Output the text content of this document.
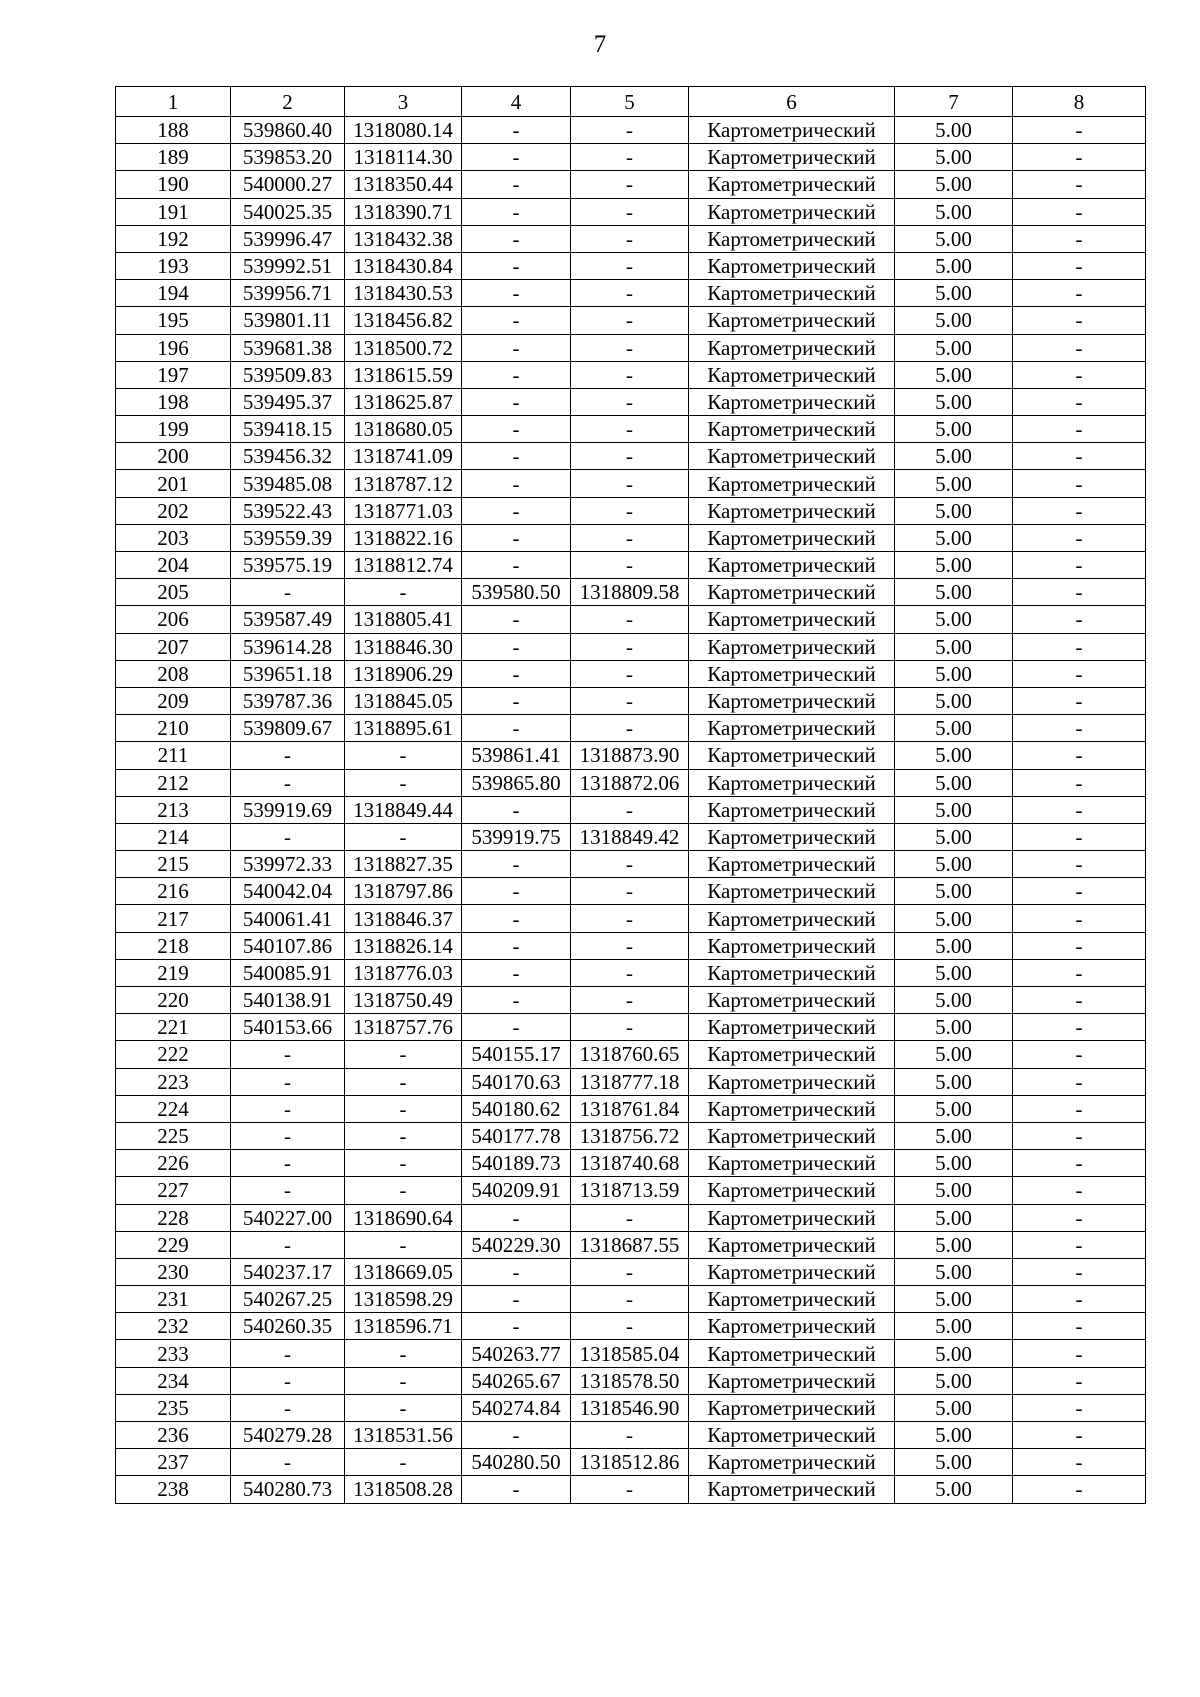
7
1	2	3	4	5	6	7	8
188	539860.40	1318080.14	-	-	Картометрический	5.00	-
189	539853.20	1318114.30	-	-	Картометрический	5.00	-
190	540000.27	1318350.44	-	-	Картометрический	5.00	-
191	540025.35	1318390.71	-	-	Картометрический	5.00	-
192	539996.47	1318432.38	-	-	Картометрический	5.00	-
193	539992.51	1318430.84	-	-	Картометрический	5.00	-
194	539956.71	1318430.53	-	-	Картометрический	5.00	-
195	539801.11	1318456.82	-	-	Картометрический	5.00	-
196	539681.38	1318500.72	-	-	Картометрический	5.00	-
197	539509.83	1318615.59	-	-	Картометрический	5.00	-
198	539495.37	1318625.87	-	-	Картометрический	5.00	-
199	539418.15	1318680.05	-	-	Картометрический	5.00	-
200	539456.32	1318741.09	-	-	Картометрический	5.00	-
201	539485.08	1318787.12	-	-	Картометрический	5.00	-
202	539522.43	1318771.03	-	-	Картометрический	5.00	-
203	539559.39	1318822.16	-	-	Картометрический	5.00	-
204	539575.19	1318812.74	-	-	Картометрический	5.00	-
205	-	-	539580.50	1318809.58	Картометрический	5.00	-
206	539587.49	1318805.41	-	-	Картометрический	5.00	-
207	539614.28	1318846.30	-	-	Картометрический	5.00	-
208	539651.18	1318906.29	-	-	Картометрический	5.00	-
209	539787.36	1318845.05	-	-	Картометрический	5.00	-
210	539809.67	1318895.61	-	-	Картометрический	5.00	-
211	-	-	539861.41	1318873.90	Картометрический	5.00	-
212	-	-	539865.80	1318872.06	Картометрический	5.00	-
213	539919.69	1318849.44	-	-	Картометрический	5.00	-
214	-	-	539919.75	1318849.42	Картометрический	5.00	-
215	539972.33	1318827.35	-	-	Картометрический	5.00	-
216	540042.04	1318797.86	-	-	Картометрический	5.00	-
217	540061.41	1318846.37	-	-	Картометрический	5.00	-
218	540107.86	1318826.14	-	-	Картометрический	5.00	-
219	540085.91	1318776.03	-	-	Картометрический	5.00	-
220	540138.91	1318750.49	-	-	Картометрический	5.00	-
221	540153.66	1318757.76	-	-	Картометрический	5.00	-
222	-	-	540155.17	1318760.65	Картометрический	5.00	-
223	-	-	540170.63	1318777.18	Картометрический	5.00	-
224	-	-	540180.62	1318761.84	Картометрический	5.00	-
225	-	-	540177.78	1318756.72	Картометрический	5.00	-
226	-	-	540189.73	1318740.68	Картометрический	5.00	-
227	-	-	540209.91	1318713.59	Картометрический	5.00	-
228	540227.00	1318690.64	-	-	Картометрический	5.00	-
229	-	-	540229.30	1318687.55	Картометрический	5.00	-
230	540237.17	1318669.05	-	-	Картометрический	5.00	-
231	540267.25	1318598.29	-	-	Картометрический	5.00	-
232	540260.35	1318596.71	-	-	Картометрический	5.00	-
233	-	-	540263.77	1318585.04	Картометрический	5.00	-
234	-	-	540265.67	1318578.50	Картометрический	5.00	-
235	-	-	540274.84	1318546.90	Картометрический	5.00	-
236	540279.28	1318531.56	-	-	Картометрический	5.00	-
237	-	-	540280.50	1318512.86	Картометрический	5.00	-
238	540280.73	1318508.28	-	-	Картометрический	5.00	-
